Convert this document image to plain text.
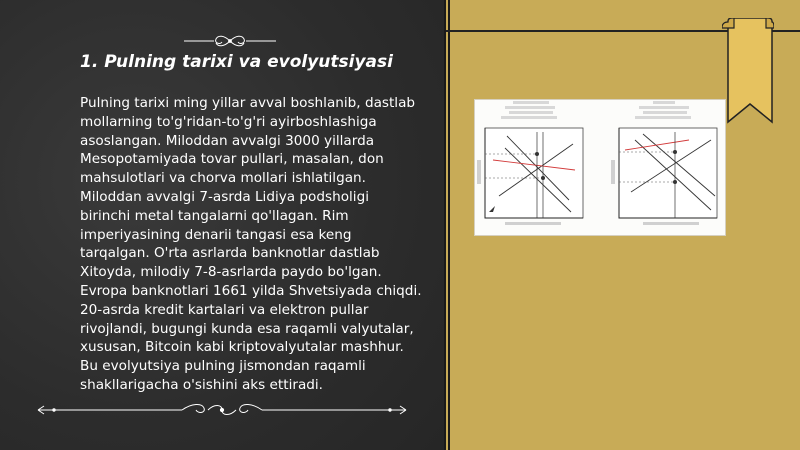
1. Pulning tarixi va evolyutsiyasi

Pulning tarixi ming yillar avval boshlanib, dastlab mollarning to'g'ridan-to'g'ri ayirboshlashiga asoslangan. Miloddan avvalgi 3000 yillarda Mesopotamiyada tovar pullari, masalan, don mahsulotlari va chorva mollari ishlatilgan. Miloddan avvalgi 7-asrda Lidiya podsholigi birinchi metal tangalarni qo'llagan. Rim imperiyasining denarii tangasi esa keng tarqalgan. O'rta asrlarda banknotlar dastlab Xitoyda, milodiy 7-8-asrlarda paydo bo'lgan. Evropa banknotlari 1661 yilda Shvetsiyada chiqdi. 20-asrda kredit kartalari va elektron pullar rivojlandi, bugungi kunda esa raqamli valyutalar, xususan, Bitcoin kabi kriptovalyutalar mashhur. Bu evolyutsiya pulning jismondan raqamli shakllarigacha o'sishini aks ettiradi.
